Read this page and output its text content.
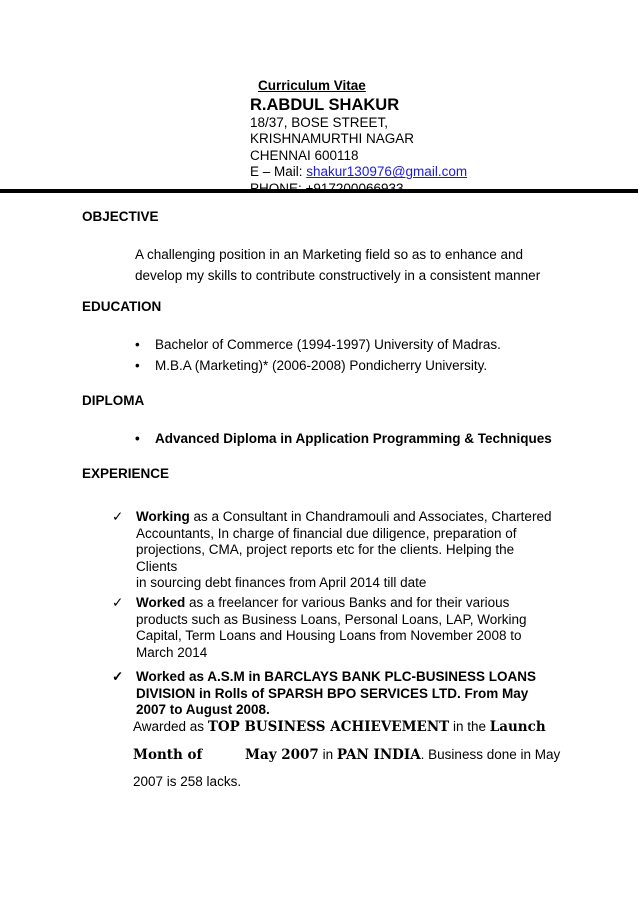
Curriculum Vitae
R.ABDUL SHAKUR
18/37, BOSE STREET,
KRISHNAMURTHI NAGAR
CHENNAI 600118
E – Mail: shakur130976@gmail.com
OBJECTIVE
A challenging position in an Marketing field so as to enhance and
develop my skills to contribute constructively in a consistent manner
EDUCATION
• Bachelor of Commerce (1994-1997) University of Madras.
• M.B.A (Marketing)* (2006-2008) Pondicherry University.
DIPLOMA
• Advanced Diploma in Application Programming & Techniques
EXPERIENCE
✓ Working as a Consultant in Chandramouli and Associates, Chartered
Accountants, In charge of financial due diligence, preparation of
projections, CMA, project reports etc for the clients. Helping the Clients
in sourcing debt finances from April 2014 till date
✓ Worked as a freelancer for various Banks and for their various
products such as Business Loans, Personal Loans, LAP, Working
Capital, Term Loans and Housing Loans from November 2008 to
March 2014
✓ Worked as A.S.M in BARCLAYS BANK PLC-BUSINESS LOANS
DIVISION in Rolls of SPARSH BPO SERVICES LTD. From May
2007 to August 2008.
Awarded as TOP BUSINESS ACHIEVEMENT in the Launch
Month of	May 2007 in PAN INDIA. Business done in May
2007 is 258 lacks.
